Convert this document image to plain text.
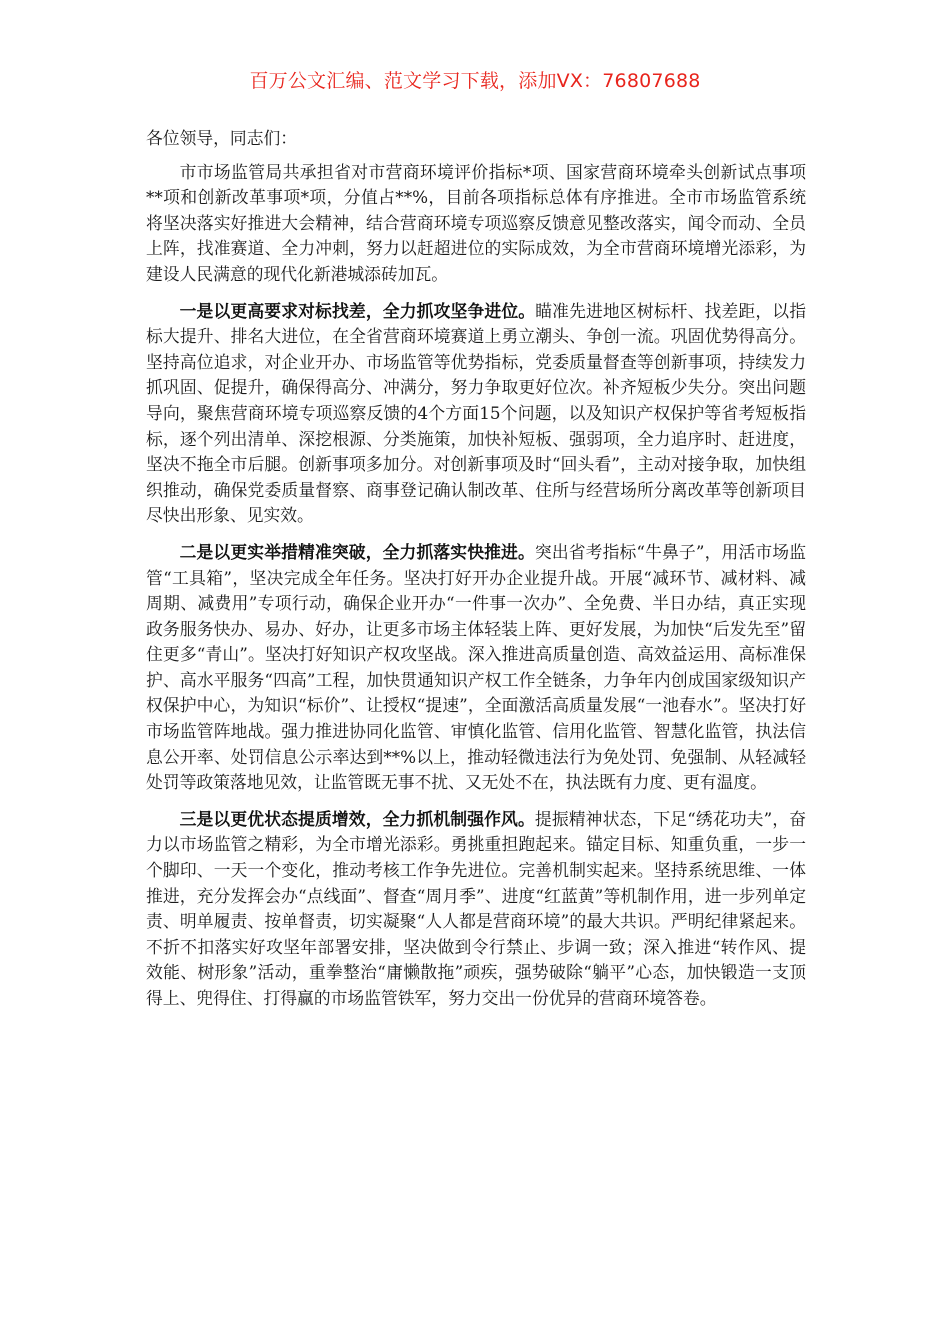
百万公文汇编、范文学习下载，添加VX：76807688

各位领导，同志们：

市市场监管局共承担省对市营商环境评价指标*项、国家营商环境牵头创新试点事项**项和创新改革事项*项，分值占**%，目前各项指标总体有序推进。全市市场监管系统将坚决落实好推进大会精神，结合营商环境专项巡察反馈意见整改落实，闻令而动、全员上阵，找准赛道、全力冲刺，努力以赶超进位的实际成效，为全市营商环境增光添彩，为建设人民满意的现代化新港城添砖加瓦。

一是以更高要求对标找差，全力抓攻坚争进位。瞄准先进地区树标杆、找差距，以指标大提升、排名大进位，在全省营商环境赛道上勇立潮头、争创一流。巩固优势得高分。坚持高位追求，对企业开办、市场监管等优势指标，党委质量督查等创新事项，持续发力抓巩固、促提升，确保得高分、冲满分，努力争取更好位次。补齐短板少失分。突出问题导向，聚焦营商环境专项巡察反馈的4个方面15个问题，以及知识产权保护等省考短板指标，逐个列出清单、深挖根源、分类施策，加快补短板、强弱项，全力追序时、赶进度，坚决不拖全市后腿。创新事项多加分。对创新事项及时“回头看”，主动对接争取，加快组织推动，确保党委质量督察、商事登记确认制改革、住所与经营场所分离改革等创新项目尽快出形象、见实效。

二是以更实举措精准突破，全力抓落实快推进。突出省考指标“牛鼻子”，用活市场监管“工具箱”，坚决完成全年任务。坚决打好开办企业提升战。开展“减环节、减材料、减周期、减费用”专项行动，确保企业开办“一件事一次办”、全免费、半日办结，真正实现政务服务快办、易办、好办，让更多市场主体轻装上阵、更好发展，为加快“后发先至”留住更多“青山”。坚决打好知识产权攻坚战。深入推进高质量创造、高效益运用、高标准保护、高水平服务“四高”工程，加快贯通知识产权工作全链条，力争年内创成国家级知识产权保护中心，为知识“标价”、让授权“提速”，全面激活高质量发展“一池春水”。坚决打好市场监管阵地战。强力推进协同化监管、审慎化监管、信用化监管、智慧化监管，执法信息公开率、处罚信息公示率达到**%以上，推动轻微违法行为免处罚、免强制、从轻减轻处罚等政策落地见效，让监管既无事不扰、又无处不在，执法既有力度、更有温度。

三是以更优状态提质增效，全力抓机制强作风。提振精神状态，下足“绣花功夫”，奋力以市场监管之精彩，为全市增光添彩。勇挑重担跑起来。锚定目标、知重负重，一步一个脚印、一天一个变化，推动考核工作争先进位。完善机制实起来。坚持系统思维、一体推进，充分发挥会办“点线面”、督查“周月季”、进度“红蓝黄”等机制作用，进一步列单定责、明单履责、按单督责，切实凝聚“人人都是营商环境”的最大共识。严明纪律紧起来。不折不扣落实好攻坚年部署安排，坚决做到令行禁止、步调一致；深入推进“转作风、提效能、树形象”活动，重拳整治“庸懒散拖”顽疾，强势破除“躺平”心态，加快锻造一支顶得上、兜得住、打得赢的市场监管铁军，努力交出一份优异的营商环境答卷。
